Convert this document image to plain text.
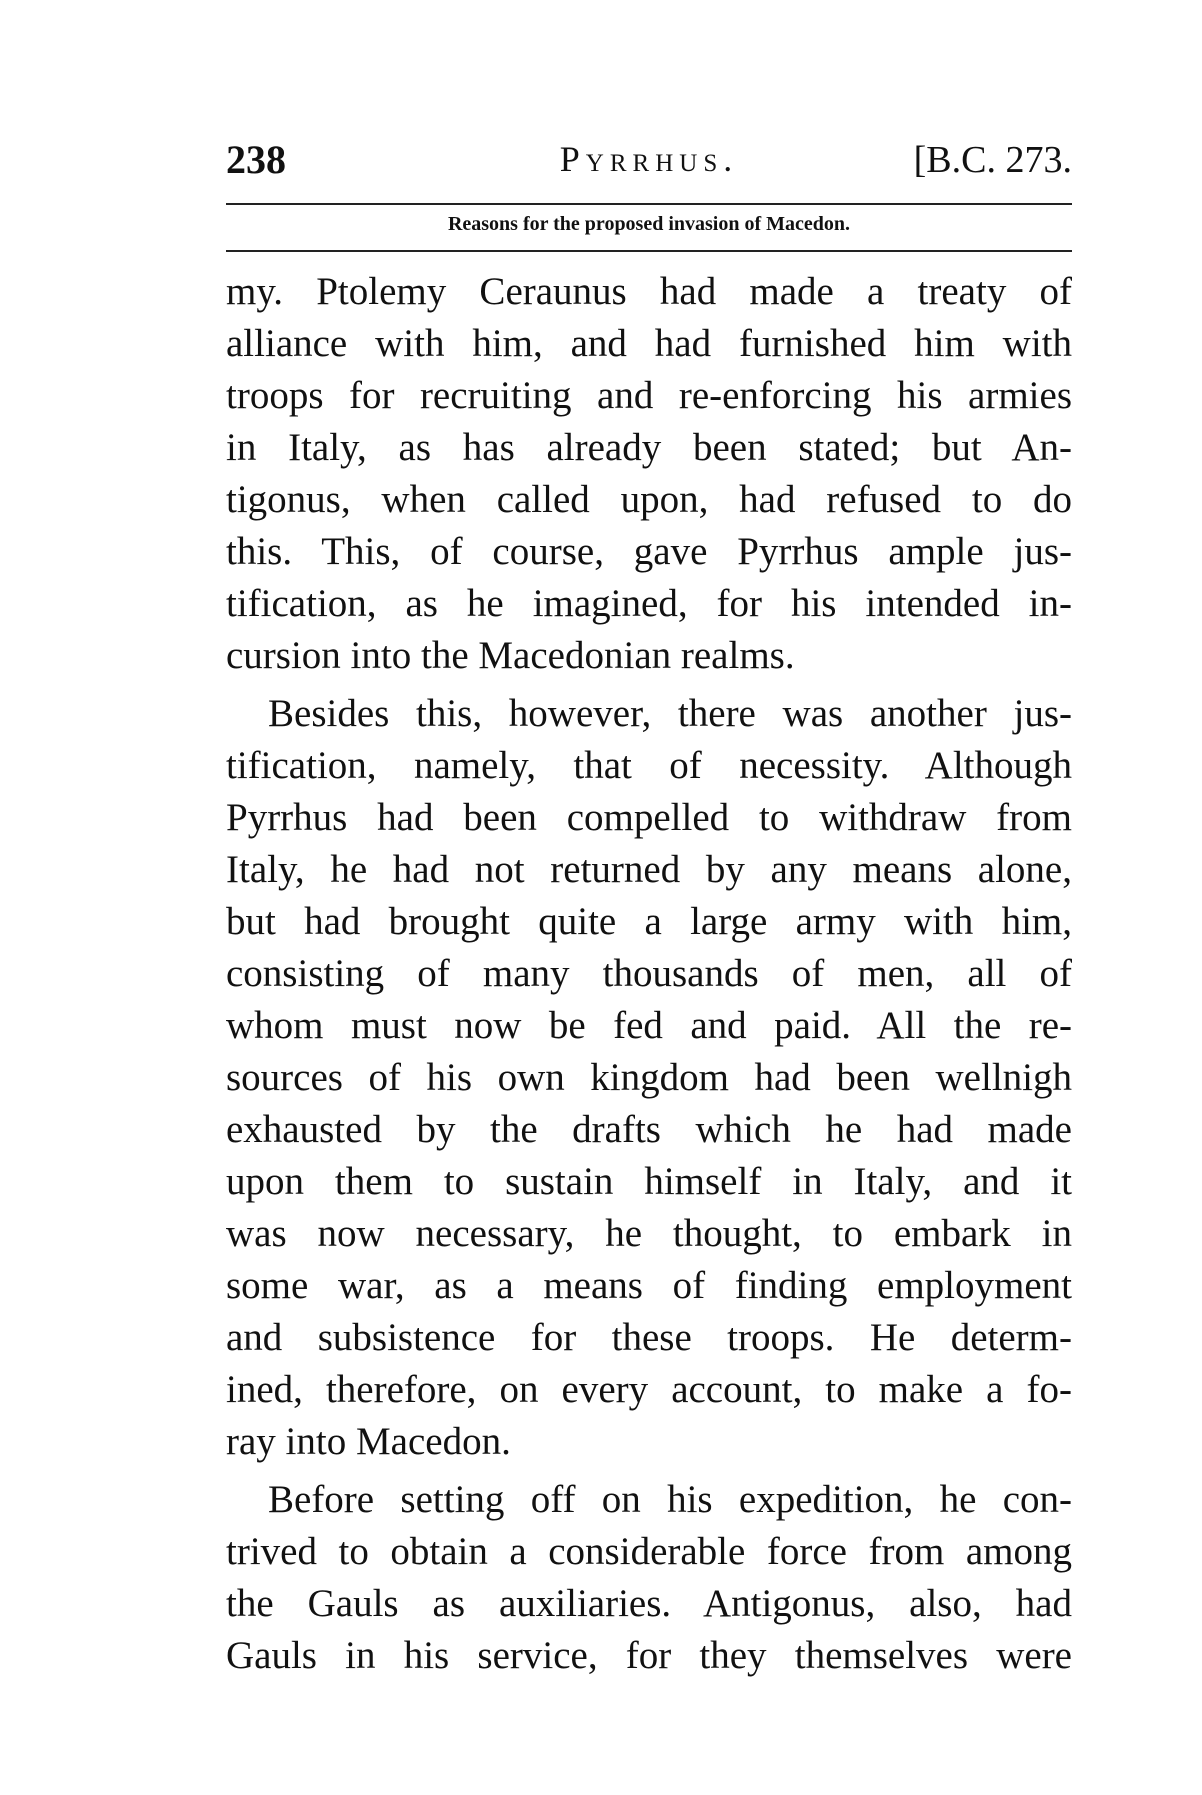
238	Pyrrhus.	[B.C. 273.
Reasons for the proposed invasion of Macedon.
my. Ptolemy Ceraunus had made a treaty of
alliance with him, and had furnished him with
troops for recruiting and re-enforcing his armies
in Italy, as has already been stated; but An-
tigonus, when called upon, had refused to do
this. This, of course, gave Pyrrhus ample jus-
tification, as he imagined, for his intended in-
cursion into the Macedonian realms.
Besides this, however, there was another jus-
tification, namely, that of necessity. Although
Pyrrhus had been compelled to withdraw from
Italy, he had not returned by any means alone,
but had brought quite a large army with him,
consisting of many thousands of men, all of
whom must now be fed and paid. All the re-
sources of his own kingdom had been wellnigh
exhausted by the drafts which he had made
upon them to sustain himself in Italy, and it
was now necessary, he thought, to embark in
some war, as a means of finding employment
and subsistence for these troops. He determ-
ined, therefore, on every account, to make a fo-
ray into Macedon.
Before setting off on his expedition, he con-
trived to obtain a considerable force from among
the Gauls as auxiliaries. Antigonus, also, had
Gauls in his service, for they themselves were
